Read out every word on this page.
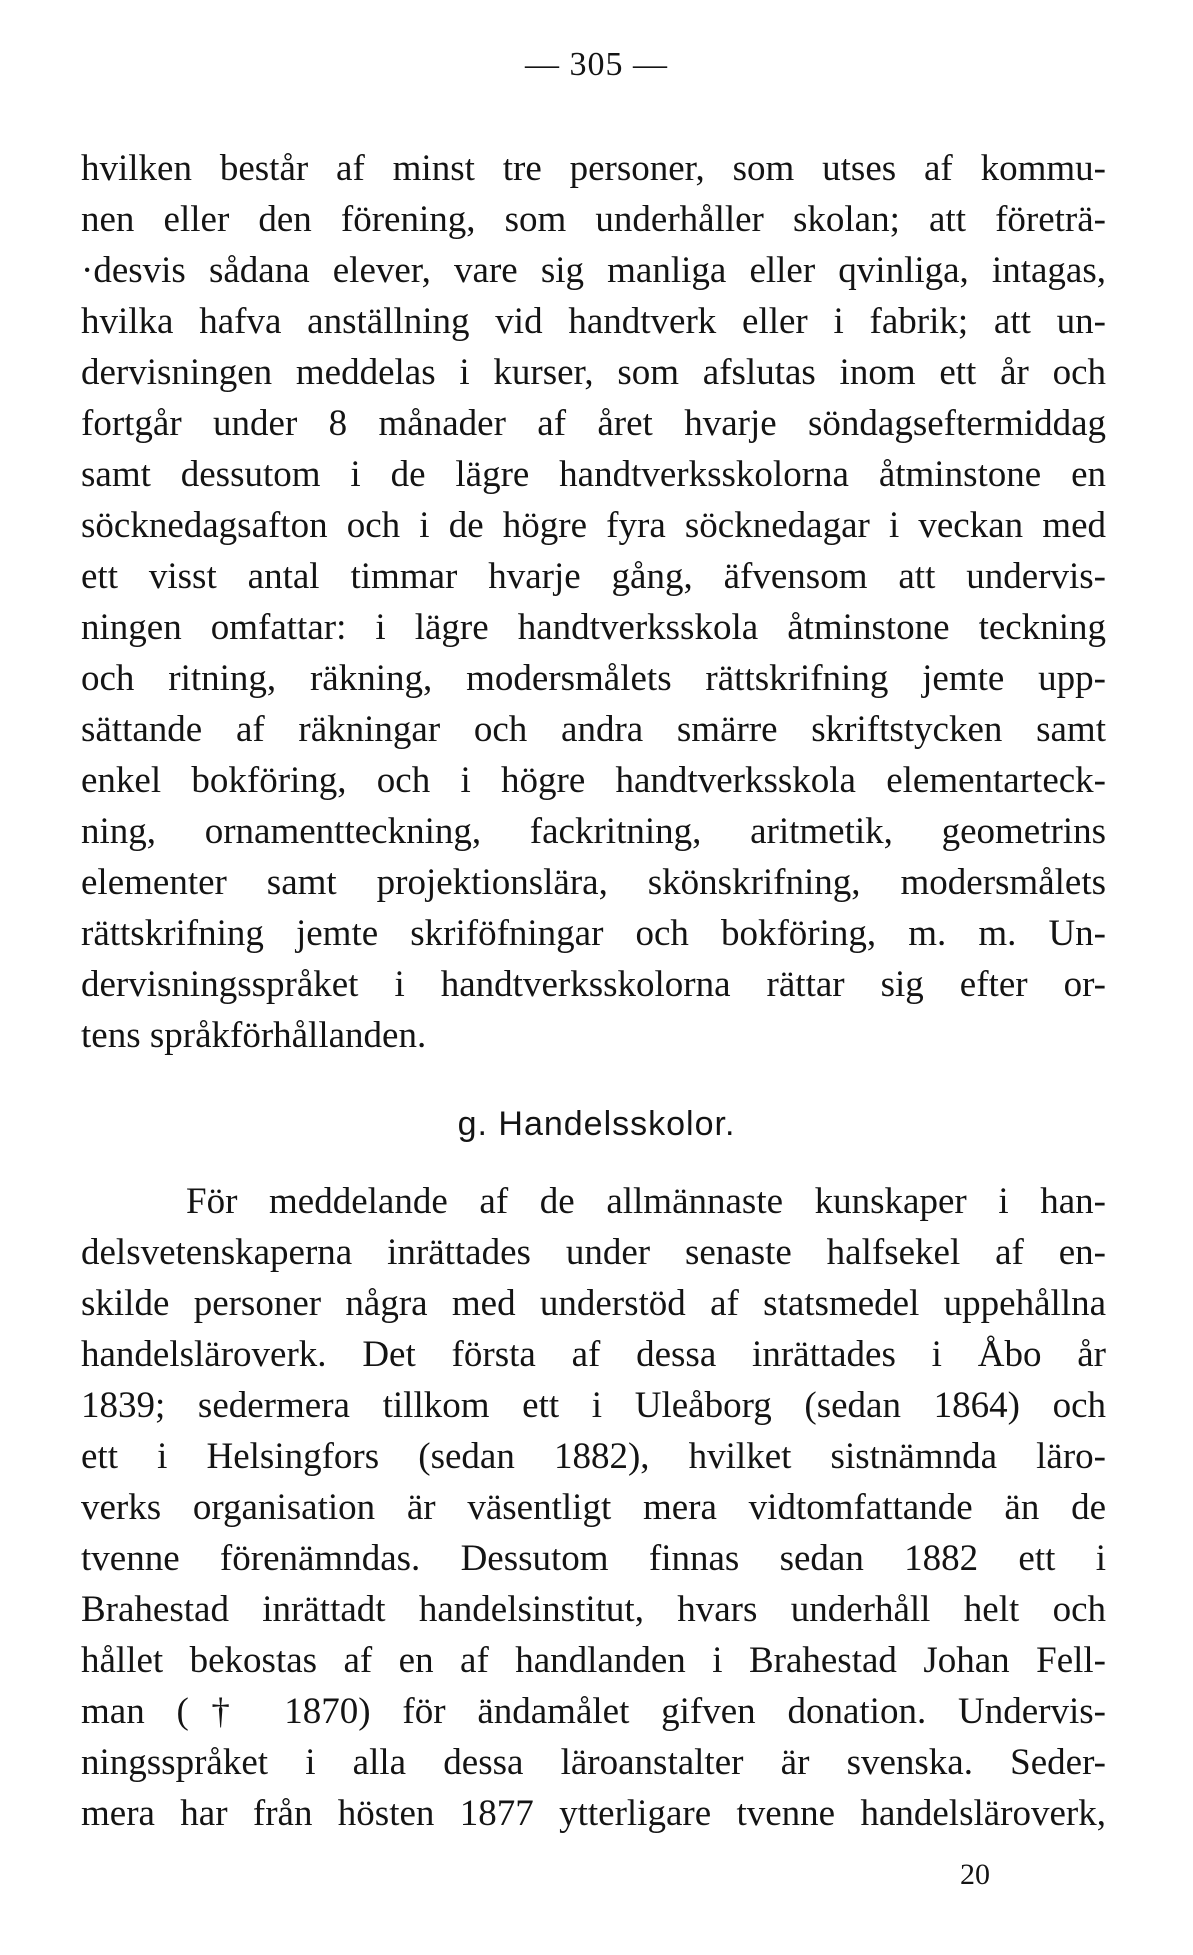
— 305 —
hvilken består af minst tre personer, som utses af kommu-
nen eller den förening, som underhåller skolan; att företrä-
·desvis sådana elever, vare sig manliga eller qvinliga, intagas,
hvilka hafva anställning vid handtverk eller i fabrik; att un-
dervisningen meddelas i kurser, som afslutas inom ett år och
fortgår under 8 månader af året hvarje söndagseftermiddag
samt dessutom i de lägre handtverksskolorna åtminstone en
söcknedagsafton och i de högre fyra söcknedagar i veckan med
ett visst antal timmar hvarje gång, äfvensom att undervis-
ningen omfattar: i lägre handtverksskola åtminstone teckning
och ritning, räkning, modersmålets rättskrifning jemte upp-
sättande af räkningar och andra smärre skriftstycken samt
enkel bokföring, och i högre handtverksskola elementarteck-
ning, ornamentteckning, fackritning, aritmetik, geometrins
elementer samt projektionslära, skönskrifning, modersmålets
rättskrifning jemte skriföfningar och bokföring, m. m. Un-
dervisningsspråket i handtverksskolorna rättar sig efter or-
tens språkförhållanden.
g. Handelsskolor.
För meddelande af de allmännaste kunskaper i han-
delsvetenskaperna inrättades under senaste halfsekel af en-
skilde personer några med understöd af statsmedel uppehållna
handelsläroverk. Det första af dessa inrättades i Åbo år
1839; sedermera tillkom ett i Uleåborg (sedan 1864) och
ett i Helsingfors (sedan 1882), hvilket sistnämnda läro-
verks organisation är väsentligt mera vidtomfattande än de
tvenne förenämndas. Dessutom finnas sedan 1882 ett i
Brahestad inrättadt handelsinstitut, hvars underhåll helt och
hållet bekostas af en af handlanden i Brahestad Johan Fell-
man († 1870) för ändamålet gifven donation. Undervis-
ningsspråket i alla dessa läroanstalter är svenska. Seder-
mera har från hösten 1877 ytterligare tvenne handelsläroverk,
20
